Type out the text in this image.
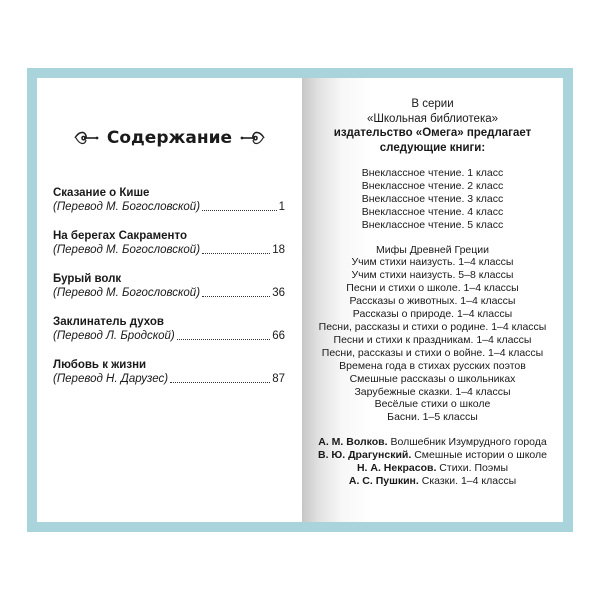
Содержание
Сказание о Кише
(Перевод М. Богословской)	1
На берегах Сакраменто
(Перевод М. Богословской)	18
Бурый волк
(Перевод М. Богословской)	36
Заклинатель духов
(Перевод Л. Бродской)	66
Любовь к жизни
(Перевод Н. Дарузес)	87
В серии
«Школьная библиотека»
издательство «Омега» предлагает
следующие книги:
Внеклассное чтение. 1 класс
Внеклассное чтение. 2 класс
Внеклассное чтение. 3 класс
Внеклассное чтение. 4 класс
Внеклассное чтение. 5 класс
Мифы Древней Греции
Учим стихи наизусть. 1–4 классы
Учим стихи наизусть. 5–8 классы
Песни и стихи о школе. 1–4 классы
Рассказы о животных. 1–4 классы
Рассказы о природе. 1–4 классы
Песни, рассказы и стихи о родине. 1–4 классы
Песни и стихи к праздникам. 1–4 классы
Песни, рассказы и стихи о войне. 1–4 классы
Времена года в стихах русских поэтов
Смешные рассказы о школьниках
Зарубежные сказки. 1–4 классы
Весёлые стихи о школе
Басни. 1–5 классы
А. М. Волков. Волшебник Изумрудного города
В. Ю. Драгунский. Смешные истории о школе
Н. А. Некрасов. Стихи. Поэмы
А. С. Пушкин. Сказки. 1–4 классы
